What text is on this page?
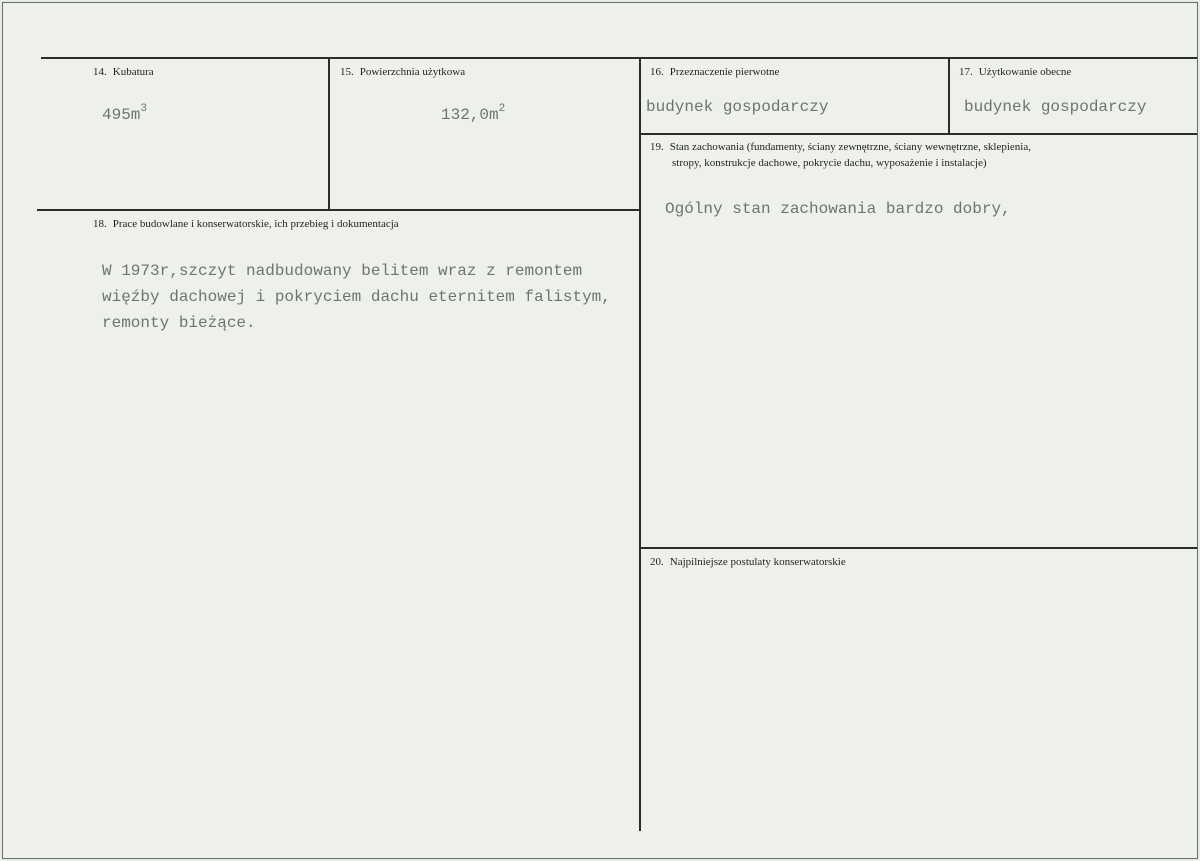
14. Kubatura
$495m^3$
15. Powierzchnia użytkowa
$132,0m^2$
16. Przeznaczenie pierwotne
budynek gospodarczy
17. Użytkowanie obecne
budynek gospodarczy
18. Prace budowlane i konserwatorskie, ich przebieg i dokumentacja
W 1973r,szczyt nadbudowany belitem wraz z remontem
więźby dachowej i pokryciem dachu eternitem falistym,
remonty bieżące.
19. Stan zachowania (fundamenty, ściany zewnętrzne, ściany wewnętrzne, sklepienia,
stropy, konstrukcje dachowe, pokrycie dachu, wyposażenie i instalacje)
Ogólny stan zachowania bardzo dobry,
20. Najpilniejsze postulaty konserwatorskie
